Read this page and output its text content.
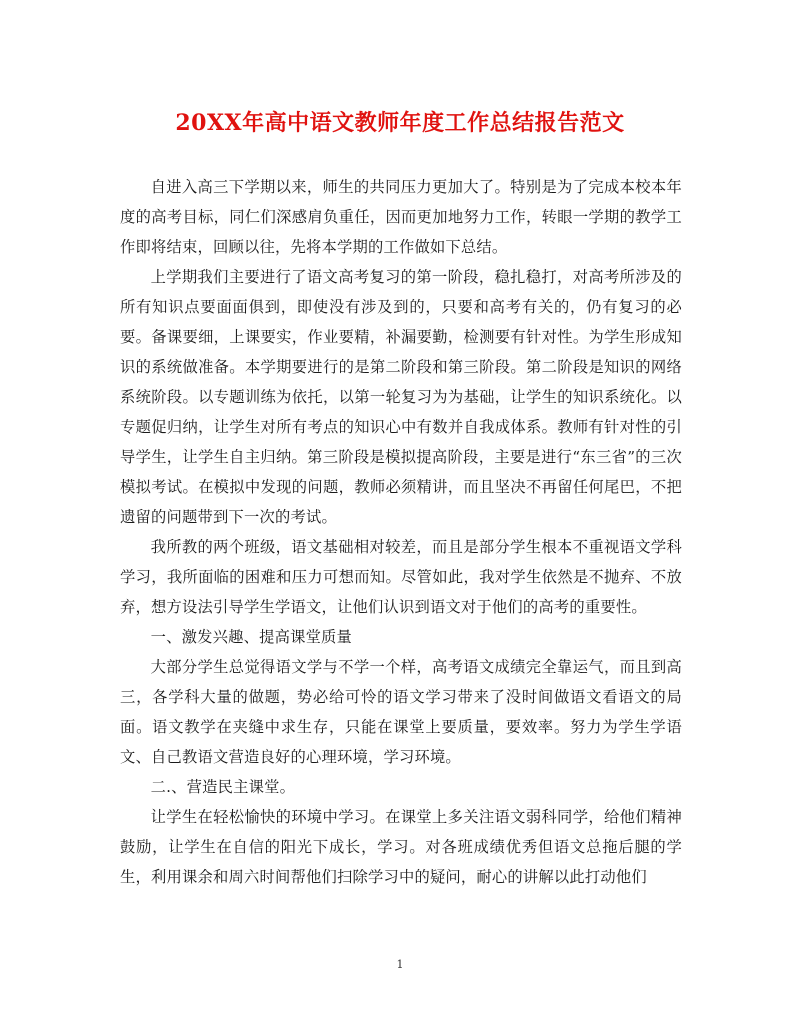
20XX年高中语文教师年度工作总结报告范文

自进入高三下学期以来，师生的共同压力更加大了。特别是为了完成本校本年度的高考目标，同仁们深感肩负重任，因而更加地努力工作，转眼一学期的教学工作即将结束，回顾以往，先将本学期的工作做如下总结。

上学期我们主要进行了语文高考复习的第一阶段，稳扎稳打，对高考所涉及的所有知识点要面面俱到，即使没有涉及到的，只要和高考有关的，仍有复习的必要。备课要细，上课要实，作业要精，补漏要勤，检测要有针对性。为学生形成知识的系统做准备。本学期要进行的是第二阶段和第三阶段。第二阶段是知识的网络系统阶段。以专题训练为依托，以第一轮复习为为基础，让学生的知识系统化。以专题促归纳，让学生对所有考点的知识心中有数并自我成体系。教师有针对性的引导学生，让学生自主归纳。第三阶段是模拟提高阶段，主要是进行“东三省”的三次模拟考试。在模拟中发现的问题，教师必须精讲，而且坚决不再留任何尾巴，不把遗留的问题带到下一次的考试。

我所教的两个班级，语文基础相对较差，而且是部分学生根本不重视语文学科学习，我所面临的困难和压力可想而知。尽管如此，我对学生依然是不抛弃、不放弃，想方设法引导学生学语文，让他们认识到语文对于他们的高考的重要性。

一、激发兴趣、提高课堂质量

大部分学生总觉得语文学与不学一个样，高考语文成绩完全靠运气，而且到高三，各学科大量的做题，势必给可怜的语文学习带来了没时间做语文看语文的局面。语文教学在夹缝中求生存，只能在课堂上要质量，要效率。努力为学生学语文、自己教语文营造良好的心理环境，学习环境。

二.、营造民主课堂。

让学生在轻松愉快的环境中学习。在课堂上多关注语文弱科同学，给他们精神鼓励，让学生在自信的阳光下成长，学习。对各班成绩优秀但语文总拖后腿的学生，利用课余和周六时间帮他们扫除学习中的疑问，耐心的讲解以此打动他们

1
